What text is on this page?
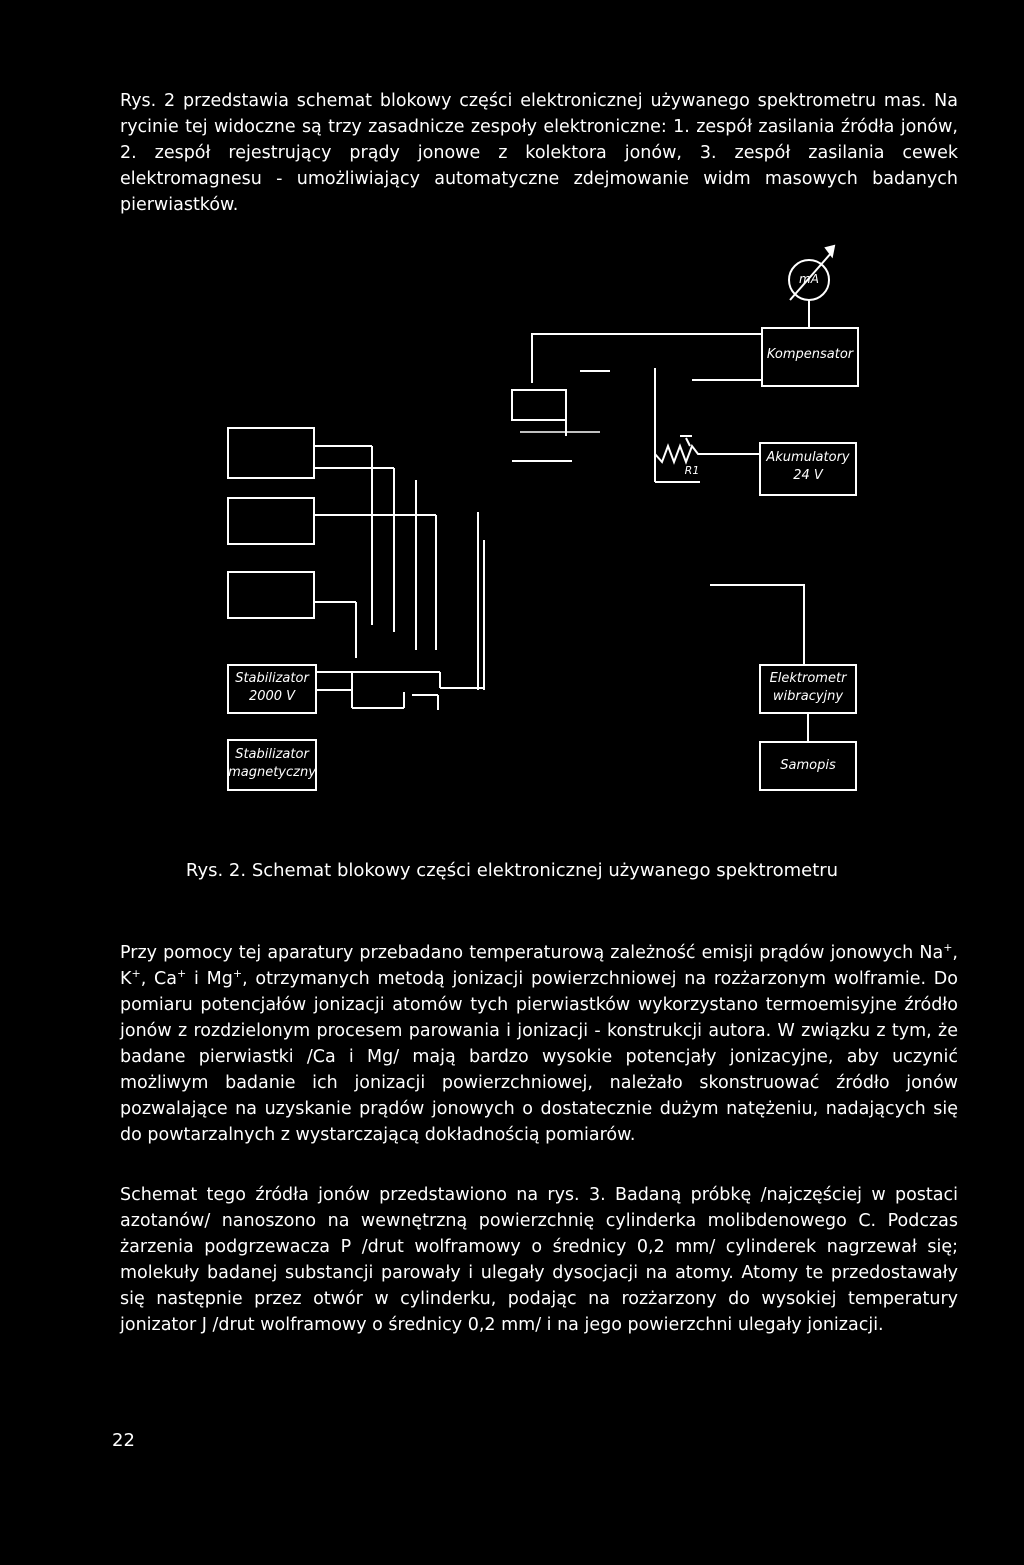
Rys. 2 przedstawia schemat blokowy części elektronicznej używanego spektrometru mas. Na rycinie tej widoczne są trzy zasadnicze zespoły elektroniczne: 1. zespół zasilania źródła jonów, 2. zespół rejestrujący prądy jonowe z kolektora jonów, 3. zespół zasilania cewek elektromagnesu - umożliwiający automatyczne zdejmowanie widm masowych badanych pierwiastków.

mA
Kompensator
Akumulatory
24 V
R1
Stabilizator
2000 V
Stabilizator
magnetyczny
Elektrometr
wibracyjny
Samopis

Rys. 2. Schemat blokowy części elektronicznej używanego spektrometru

Przy pomocy tej aparatury przebadano temperaturową zależność emisji prądów jonowych Na+, K+, Ca+ i Mg+, otrzymanych metodą jonizacji powierzchniowej na rozżarzonym wolframie. Do pomiaru potencjałów jonizacji atomów tych pierwiastków wykorzystano termoemisyjne źródło jonów z rozdzielonym procesem parowania i jonizacji - konstrukcji autora. W związku z tym, że badane pierwiastki /Ca i Mg/ mają bardzo wysokie potencjały jonizacyjne, aby uczynić możliwym badanie ich jonizacji powierzchniowej, należało skonstruować źródło jonów pozwalające na uzyskanie prądów jonowych o dostatecznie dużym natężeniu, nadających się do powtarzalnych z wystarczającą dokładnością pomiarów.

Schemat tego źródła jonów przedstawiono na rys. 3. Badaną próbkę /najczęściej w postaci azotanów/ nanoszono na wewnętrzną powierzchnię cylinderka molibdenowego C. Podczas żarzenia podgrzewacza P /drut wolframowy o średnicy 0,2 mm/ cylinderek nagrzewał się; molekuły badanej substancji parowały i ulegały dysocjacji na atomy. Atomy te przedostawały się następnie przez otwór w cylinderku, podając na rozżarzony do wysokiej temperatury jonizator J /drut wolframowy o średnicy 0,2 mm/ i na jego powierzchni ulegały jonizacji.

22
